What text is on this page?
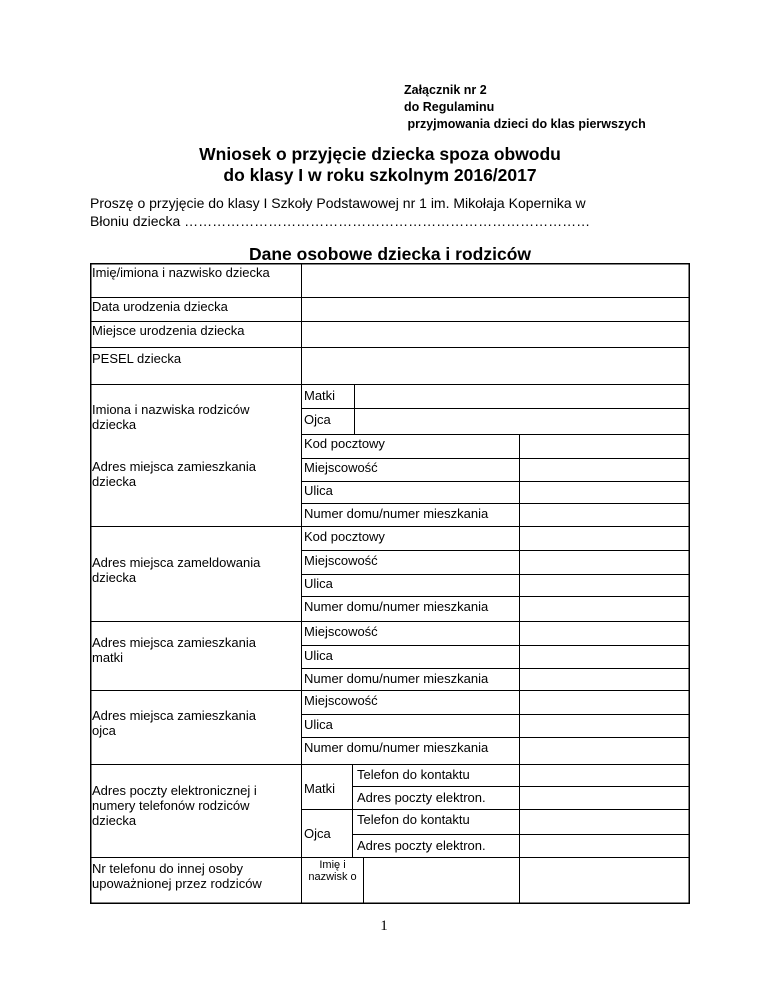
Załącznik nr 2
do Regulaminu
przyjmowania dzieci do klas pierwszych
Wniosek o przyjęcie dziecka spoza obwodu
do klasy I w roku szkolnym 2016/2017
Proszę o przyjęcie do klasy I Szkoły Podstawowej nr 1 im. Mikołaja Kopernika w
Błoniu dziecka ……………………………………………………………………………
Dane osobowe dziecka i rodziców
Imię/imiona i nazwisko dziecka
Data urodzenia dziecka
Miejsce urodzenia dziecka
PESEL dziecka
Imiona i nazwiska rodziców dziecka
Adres miejsca zamieszkania dziecka
Adres miejsca zameldowania dziecka
Adres miejsca zamieszkania matki
Adres miejsca zamieszkania ojca
Adres poczty elektronicznej i numery telefonów rodziców dziecka
Nr telefonu do innej osoby upoważnionej przez rodziców
Matki
Ojca
Kod pocztowy
Miejscowość
Ulica
Numer domu/numer mieszkania
Kod pocztowy
Miejscowość
Ulica
Numer domu/numer mieszkania
Miejscowość
Ulica
Numer domu/numer mieszkania
Miejscowość
Ulica
Numer domu/numer mieszkania
Matki
Ojca
Telefon do kontaktu
Adres poczty elektron.
Telefon do kontaktu
Adres poczty elektron.
Imię i nazwisk o
1
